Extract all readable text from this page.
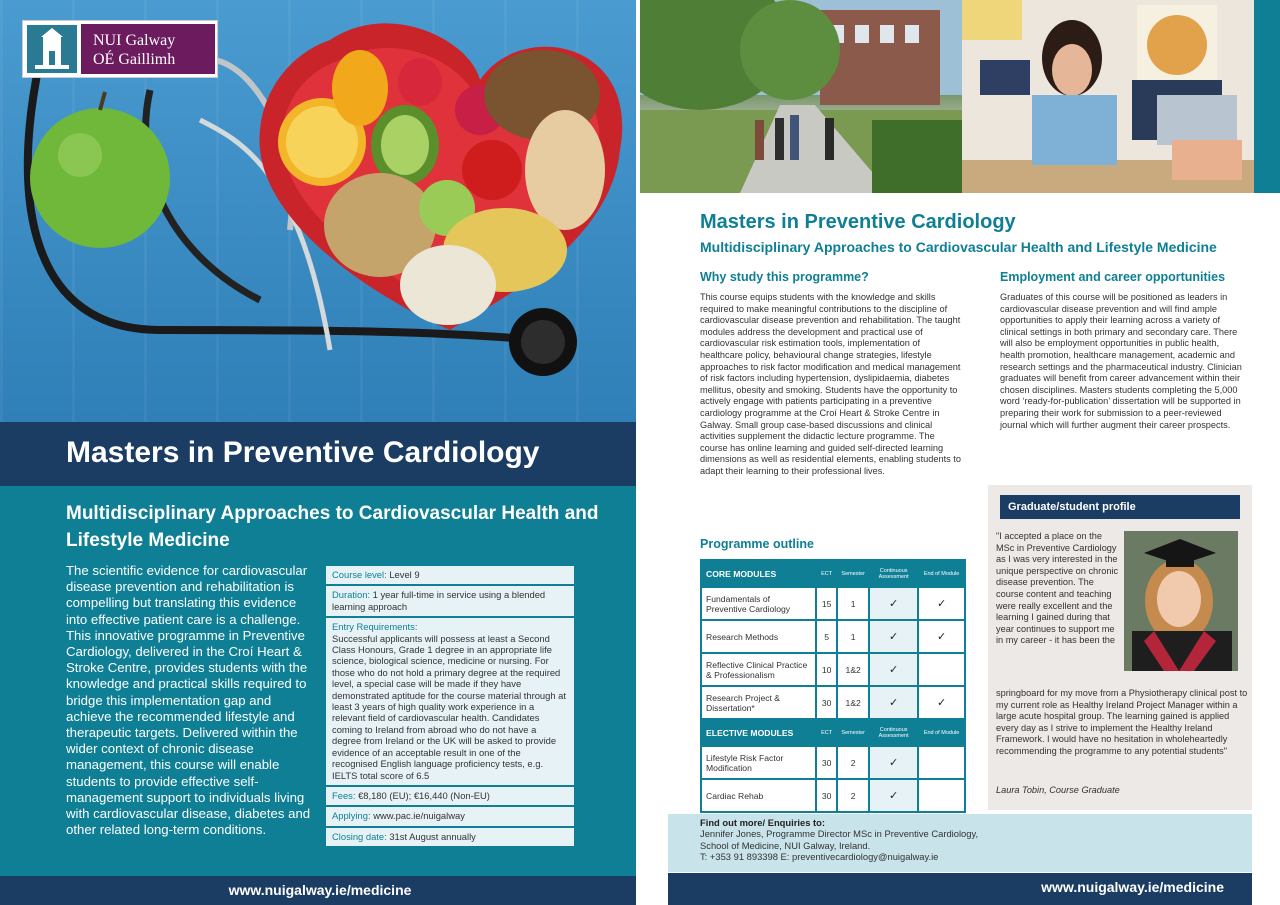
NUI Galway
OÉ Gaillimh
Masters in Preventive Cardiology
Multidisciplinary Approaches to Cardiovascular Health and Lifestyle Medicine
The scientific evidence for cardiovascular disease prevention and rehabilitation is compelling but translating this evidence into effective patient care is a challenge. This innovative programme in Preventive Cardiology, delivered in the Croí Heart & Stroke Centre, provides students with the knowledge and practical skills required to bridge this implementation gap and achieve the recommended lifestyle and therapeutic targets. Delivered within the wider context of chronic disease management, this course will enable students to provide effective self-management support to individuals living with cardiovascular disease, diabetes and other related long-term conditions.
Course level: Level 9
Duration: 1 year full-time in service using a blended learning approach
Entry Requirements:
Successful applicants will possess at least a Second Class Honours, Grade 1 degree in an appropriate life science, biological science, medicine or nursing. For those who do not hold a primary degree at the required level, a special case will be made if they have demonstrated aptitude for the course material through at least 3 years of high quality work experience in a relevant field of cardiovascular health. Candidates coming to Ireland from abroad who do not have a degree from Ireland or the UK will be asked to provide evidence of an acceptable result in one of the recognised English language proficiency tests, e.g. IELTS total score of 6.5
Fees: €8,180 (EU); €16,440 (Non-EU)
Applying: www.pac.ie/nuigalway
Closing date: 31st August annually
www.nuigalway.ie/medicine
Masters in Preventive Cardiology
Multidisciplinary Approaches to Cardiovascular Health and Lifestyle Medicine
Why study this programme?
This course equips students with the knowledge and skills required to make meaningful contributions to the discipline of cardiovascular disease prevention and rehabilitation. The taught modules address the development and practical use of cardiovascular risk estimation tools, implementation of healthcare policy, behavioural change strategies, lifestyle approaches to risk factor modification and medical management of risk factors including hypertension, dyslipidaemia, diabetes mellitus, obesity and smoking. Students have the opportunity to actively engage with patients participating in a preventive cardiology programme at the Croí Heart & Stroke Centre in Galway. Small group case-based discussions and clinical activities supplement the didactic lecture programme. The course has online learning and guided self-directed learning dimensions as well as residential elements, enabling students to adapt their learning to their professional lives.
Employment and career opportunities
Graduates of this course will be positioned as leaders in cardiovascular disease prevention and will find ample opportunities to apply their learning across a variety of clinical settings in both primary and secondary care. There will also be employment opportunities in public health, health promotion, healthcare management, academic and research settings and the pharmaceutical industry. Clinician graduates will benefit from career advancement within their chosen disciplines. Masters students completing the 5,000 word ‘ready-for-publication’ dissertation will be supported in preparing their work for submission to a peer-reviewed journal which will further augment their career prospects.
Programme outline
CORE MODULES	ECT	Semester	Continuous Assessment	End of Module
Fundamentals of Preventive Cardiology	15	1	✓	✓
Research Methods	5	1	✓	✓
Reflective Clinical Practice & Professionalism	10	1&2	✓	
Research Project & Dissertation*	30	1&2	✓	✓
ELECTIVE MODULES	ECT	Semester	Continuous Assessment	End of Module
Lifestyle Risk Factor Modification	30	2	✓	
Cardiac Rehab	30	2	✓	
Graduate/student profile
"I accepted a place on the MSc in Preventive Cardiology as I was very interested in the unique perspective on chronic disease prevention. The course content and teaching were really excellent and the learning I gained during that year continues to support me in my career - it has been the
springboard for my move from a Physiotherapy clinical post to my current role as Healthy Ireland Project Manager within a large acute hospital group. The learning gained is applied every day as I strive to implement the Healthy Ireland Framework. I would have no hesitation in wholeheartedly recommending the programme to any potential students"
Laura Tobin, Course Graduate
Find out more/ Enquiries to:
Jennifer Jones, Programme Director MSc in Preventive Cardiology,
School of Medicine, NUI Galway, Ireland.
T: +353 91 893398 E: preventivecardiology@nuigalway.ie
www.nuigalway.ie/medicine
